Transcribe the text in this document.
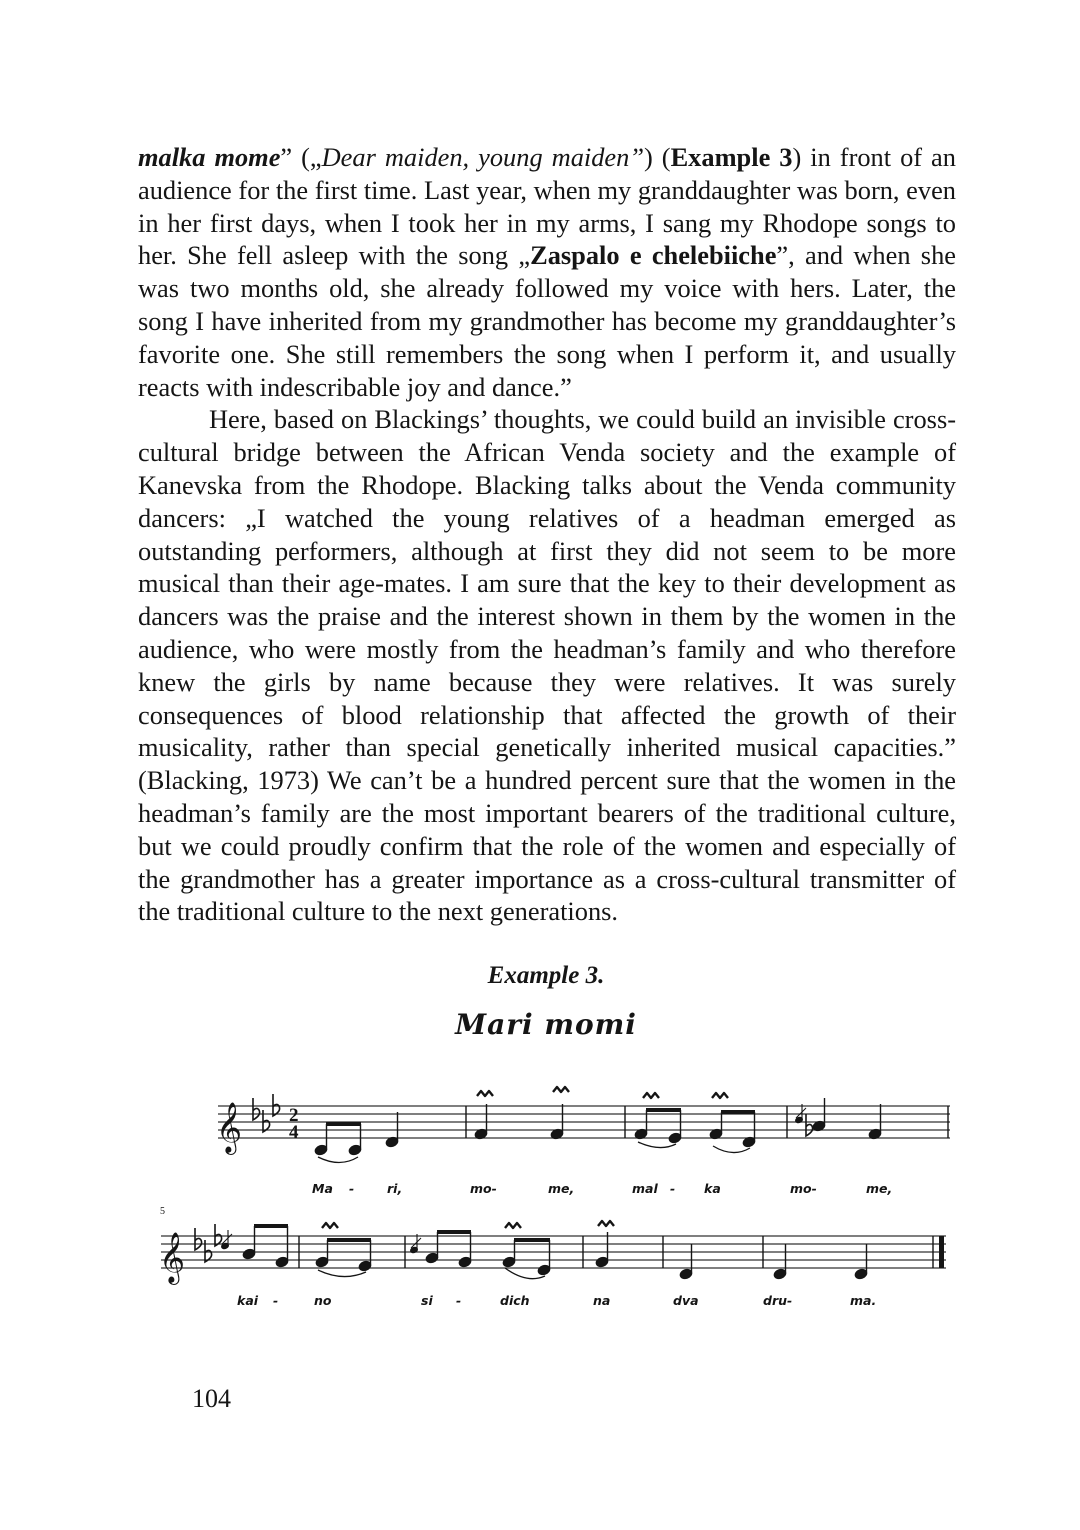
malka mome” („Dear maiden, young maiden”) (Example 3) in front of an audience for the first time. Last year, when my granddaughter was born, even in her first days, when I took her in my arms, I sang my Rhodope songs to her. She fell asleep with the song „Zaspalo e chelebiiche”, and when she was two months old, she already followed my voice with hers. Later, the song I have inherited from my grandmother has become my granddaughter’s favorite one. She still remembers the song when I perform it, and usually reacts with indescribable joy and dance.”

Here, based on Blackings’ thoughts, we could build an invisible cross-cultural bridge between the African Venda society and the example of Kanevska from the Rhodope. Blacking talks about the Venda community dancers: „I watched the young relatives of a headman emerged as outstanding performers, although at first they did not seem to be more musical than their age-mates. I am sure that the key to their development as dancers was the praise and the interest shown in them by the women in the audience, who were mostly from the headman’s family and who therefore knew the girls by name because they were relatives. It was surely consequences of blood relationship that affected the growth of their musicality, rather than special genetically inherited musical capacities.” (Blacking, 1973) We can’t be a hundred percent sure that the women in the headman’s family are the most important bearers of the traditional culture, but we could proudly confirm that the role of the women and especially of the grandmother has a greater importance as a cross-cultural transmitter of the traditional culture to the next generations.

Example 3.
Mari momi
𝄞 2
4
Ma -	ri,	mo-	me,	mal - ka	mo-	me,
5
𝄞
kai -	no	si -	dich	na	dva	dru-	ma.
104
